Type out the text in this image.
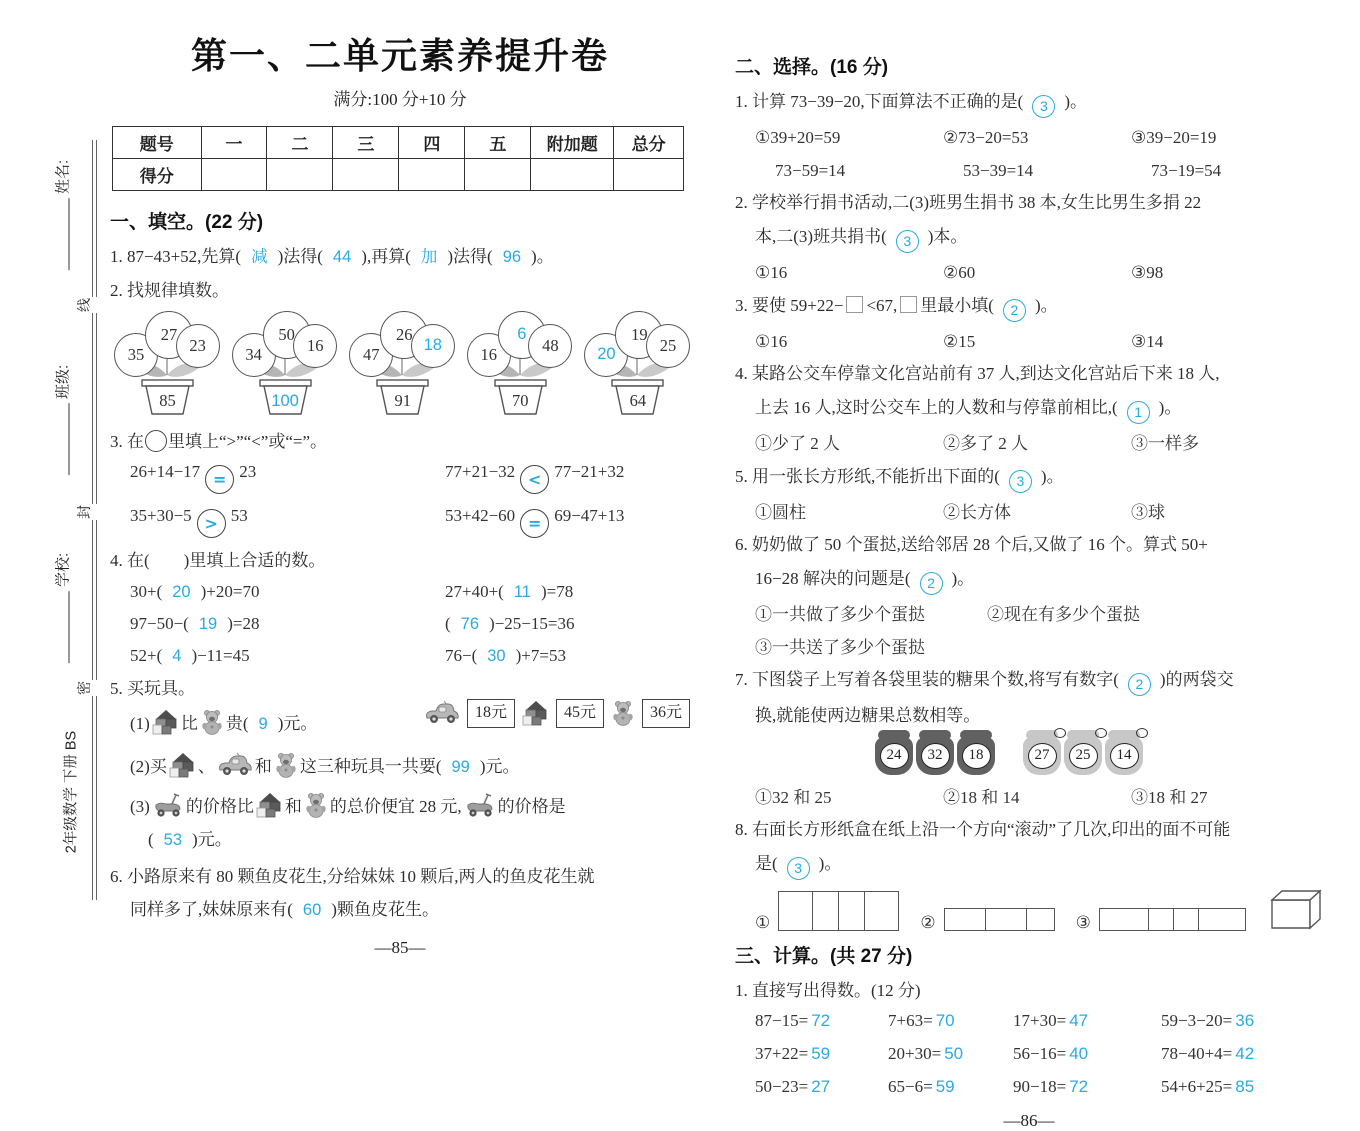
姓名:
线
班级:
封
学校:
密
2年级数学 下册 BS
第一、二单元素养提升卷
满分:100 分+10 分
题号	一	二	三	四	五	附加题	总分
得分							
一、填空。(22 分)

1. 87−43+52,先算( 减 )法得( 44 ),再算( 加 )法得( 96 )。

2. 找规律填数。

35
27
23
85
34
50
16
100
47
26
18
91
16
6
48
70
20
19
25
64

3. 在 里填上“>”“<”或“=”。

26+14−17 = 23	77+21−32 < 77−21+32
35+30−5 > 53	53+42−60 = 69−47+13

4. 在(　　)里填上合适的数。

30+( 20 )+20=70	27+40+( 11 )=78
97−50−( 19 )=28	( 76 )−25−15=36
52+( 4 )−11=45	76−( 30 )+7=53

5. 买玩具。

(1) 比 贵( 9 )元。
18元	45元	36元

(2)买 、 和 这三种玩具一共要( 99 )元。

(3) 的价格比 和 的总价便宜 28 元, 的价格是

( 53 )元。

6. 小路原来有 80 颗鱼皮花生,分给妹妹 10 颗后,两人的鱼皮花生就

同样多了,妹妹原来有( 60 )颗鱼皮花生。

—85—
二、选择。(16 分)

1. 计算 73−39−20,下面算法不正确的是( 3 )。

①39+20=59	②73−20=53	③39−20=19
73−59=14	53−39=14	73−19=54

2. 学校举行捐书活动,二(3)班男生捐书 38 本,女生比男生多捐 22

本,二(3)班共捐书( 3 )本。

①16	②60	③98

3. 要使 59+22− <67, 里最小填( 2 )。

①16	②15	③14

4. 某路公交车停靠文化宫站前有 37 人,到达文化宫站后下来 18 人,

上去 16 人,这时公交车上的人数和与停靠前相比,( 1 )。

①少了 2 人	②多了 2 人	③一样多

5. 用一张长方形纸,不能折出下面的( 3 )。

①圆柱	②长方体	③球

6. 奶奶做了 50 个蛋挞,送给邻居 28 个后,又做了 16 个。算式 50+

16−28 解决的问题是( 2 )。

①一共做了多少个蛋挞	②现在有多少个蛋挞
③一共送了多少个蛋挞

7. 下图袋子上写着各袋里装的糖果个数,将写有数字( 2 )的两袋交

换,就能使两边糖果总数相等。

24	32	18	27	25	14
①32 和 25	②18 和 14	③18 和 27

8. 右面长方形纸盒在纸上沿一个方向“滚动”了几次,印出的面不可能

是( 3 )。

①	②	③
三、计算。(共 27 分)

1. 直接写出得数。(12 分)

87−15= 72	7+63= 70	17+30= 47	59−3−20= 36
37+22= 59	20+30= 50	56−16= 40	78−40+4= 42
50−23= 27	65−6= 59	90−18= 72	54+6+25= 85
—86—
